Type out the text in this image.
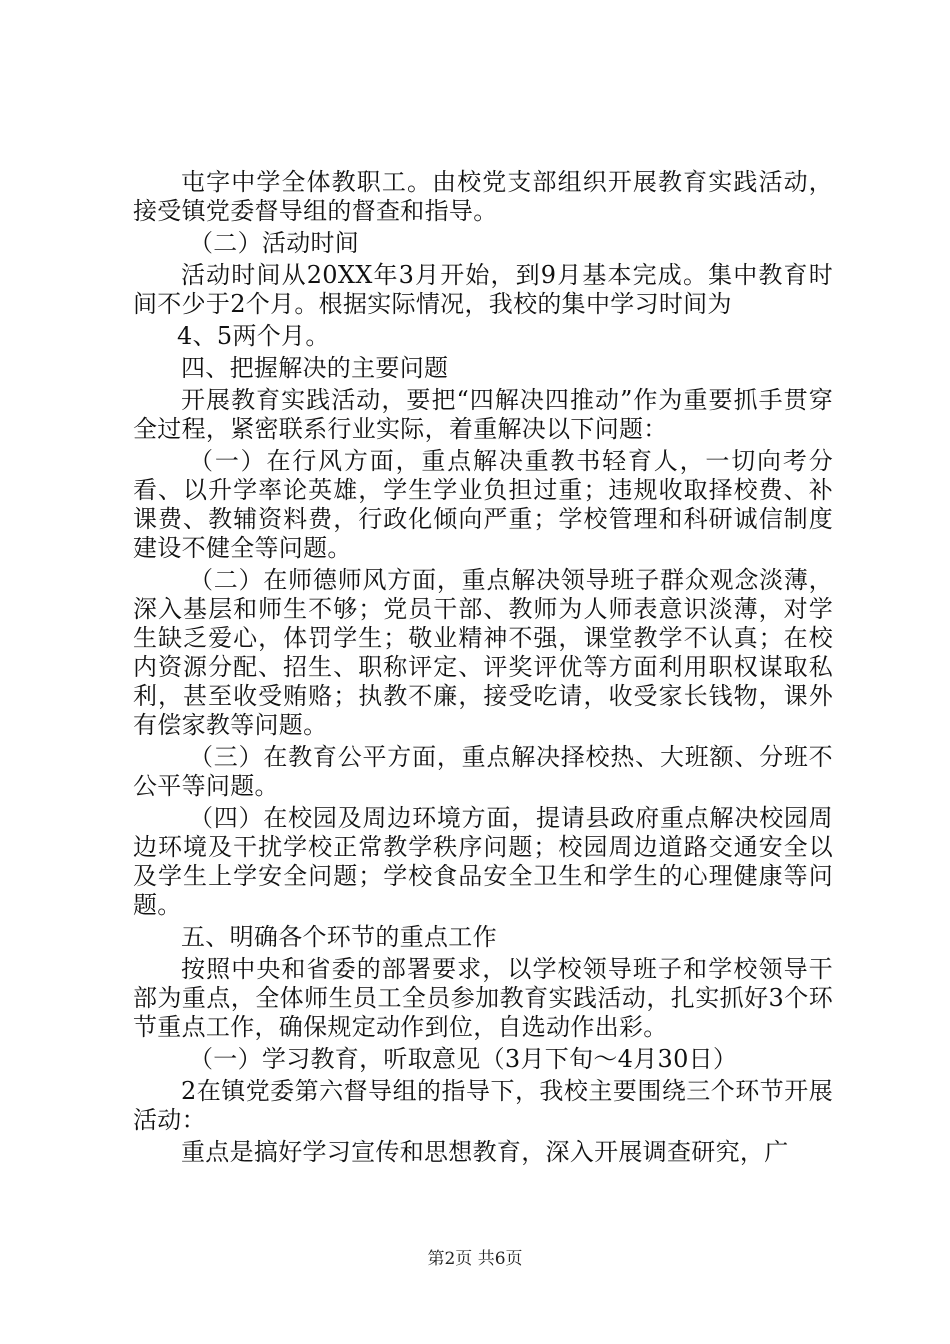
屯字中学全体教职工。由校党支部组织开展教育实践活动，接受镇党委督导组的督查和指导。

（二）活动时间

活动时间从20XX年3月开始，到9月基本完成。集中教育时间不少于2个月。根据实际情况，我校的集中学习时间为

4、5两个月。

四、把握解决的主要问题

开展教育实践活动，要把“四解决四推动”作为重要抓手贯穿全过程，紧密联系行业实际，着重解决以下问题：

（一）在行风方面，重点解决重教书轻育人，一切向考分看、以升学率论英雄，学生学业负担过重；违规收取择校费、补课费、教辅资料费，行政化倾向严重；学校管理和科研诚信制度建设不健全等问题。

（二）在师德师风方面，重点解决领导班子群众观念淡薄，深入基层和师生不够；党员干部、教师为人师表意识淡薄，对学生缺乏爱心，体罚学生；敬业精神不强，课堂教学不认真；在校内资源分配、招生、职称评定、评奖评优等方面利用职权谋取私利，甚至收受贿赂；执教不廉，接受吃请，收受家长钱物，课外有偿家教等问题。

（三）在教育公平方面，重点解决择校热、大班额、分班不公平等问题。

（四）在校园及周边环境方面，提请县政府重点解决校园周边环境及干扰学校正常教学秩序问题；校园周边道路交通安全以及学生上学安全问题；学校食品安全卫生和学生的心理健康等问题。

五、明确各个环节的重点工作

按照中央和省委的部署要求，以学校领导班子和学校领导干部为重点，全体师生员工全员参加教育实践活动，扎实抓好3个环节重点工作，确保规定动作到位，自选动作出彩。

（一）学习教育，听取意见（3月下旬～4月30日）

2在镇党委第六督导组的指导下，我校主要围绕三个环节开展活动：

重点是搞好学习宣传和思想教育，深入开展调查研究，广

第2页 共6页
